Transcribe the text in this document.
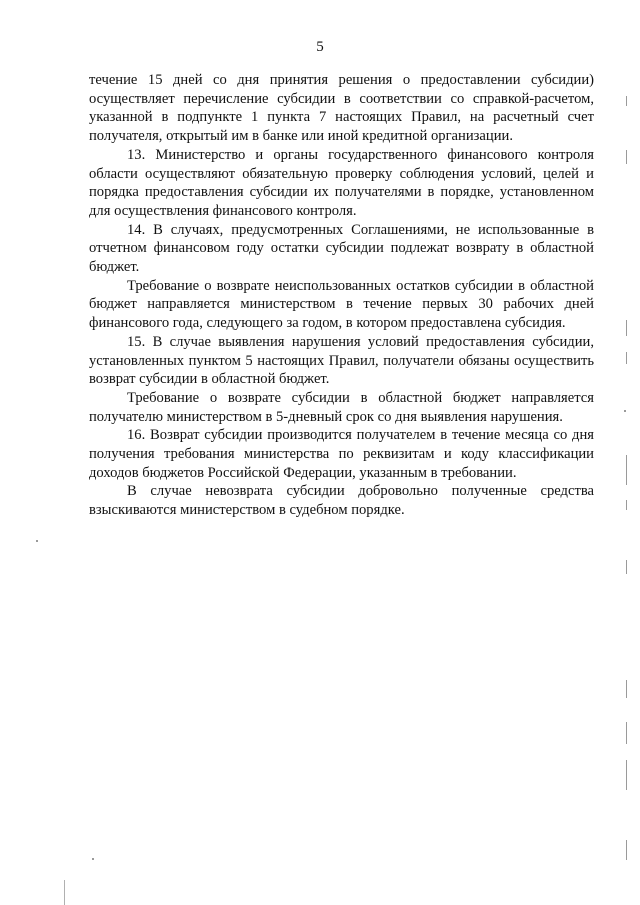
5

течение 15 дней со дня принятия решения о предоставлении субсидии) осуществляет перечисление субсидии в соответствии со справкой-расчетом, указанной в подпункте 1 пункта 7 настоящих Правил, на расчетный счет получателя, открытый им в банке или иной кредитной организации.

13. Министерство и органы государственного финансового контроля области осуществляют обязательную проверку соблюдения условий, целей и порядка предоставления субсидии их получателями в порядке, установленном для осуществления финансового контроля.

14. В случаях, предусмотренных Соглашениями, не использованные в отчетном финансовом году остатки субсидии подлежат возврату в областной бюджет.

Требование о возврате неиспользованных остатков субсидии в областной бюджет направляется министерством в течение первых 30 рабочих дней финансового года, следующего за годом, в котором предоставлена субсидия.

15. В случае выявления нарушения условий предоставления субсидии, установленных пунктом 5 настоящих Правил, получатели обязаны осуществить возврат субсидии в областной бюджет.

Требование о возврате субсидии в областной бюджет направляется получателю министерством в 5-дневный срок со дня выявления нарушения.

16. Возврат субсидии производится получателем в течение месяца со дня получения требования министерства по реквизитам и коду классификации доходов бюджетов Российской Федерации, указанным в требовании.

В случае невозврата субсидии добровольно полученные средства взыскиваются министерством в судебном порядке.
